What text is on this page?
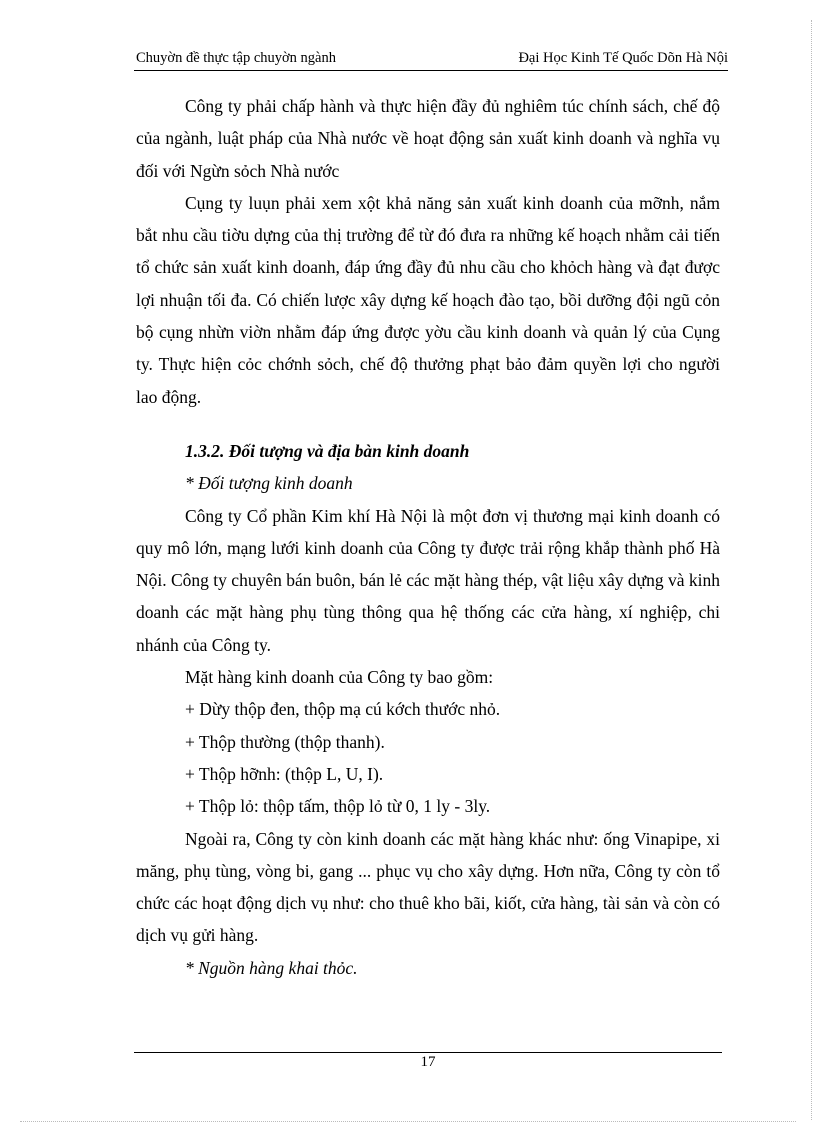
Chuyờn đề thực tập chuyờn ngành	Đại Học Kinh Tế Quốc Dõn Hà Nội

Công ty phải chấp hành và thực hiện đầy đủ nghiêm túc chính sách, chế độ của ngành, luật pháp của Nhà nước về hoạt động sản xuất kinh doanh và nghĩa vụ đối với Ngừn sỏch Nhà nước

Cụng ty luụn phải xem xột khả năng sản xuất kinh doanh của mỡnh, nắm bắt nhu cầu tiờu dựng của thị trường để từ đó đưa ra những kế hoạch nhằm cải tiến tổ chức sản xuất kinh doanh, đáp ứng đầy đủ nhu cầu cho khỏch hàng và đạt được lợi nhuận tối đa. Có chiến lược xây dựng kế hoạch đào tạo, bồi dưỡng đội ngũ cỏn bộ cụng nhừn viờn nhằm đáp ứng được yờu cầu kinh doanh và quản lý của Cụng ty. Thực hiện cỏc chớnh sỏch, chế độ thưởng phạt bảo đảm quyền lợi cho người lao động.

1.3.2. Đối tượng và địa bàn kinh doanh

* Đối tượng kinh doanh

Công ty Cổ phần Kim khí Hà Nội là một đơn vị thương mại kinh doanh có quy mô lớn, mạng lưới kinh doanh của Công ty được trải rộng khắp thành phố Hà Nội. Công ty chuyên bán buôn, bán lẻ các mặt hàng thép, vật liệu xây dựng và kinh doanh các mặt hàng phụ tùng thông qua hệ thống các cửa hàng, xí nghiệp, chi nhánh của Công ty.

Mặt hàng kinh doanh của Công ty bao gồm:

+ Dừy thộp đen, thộp mạ cú kớch thước nhỏ.

+ Thộp thường (thộp thanh).

+ Thộp hỡnh: (thộp L, U, I).

+ Thộp lỏ: thộp tấm, thộp lỏ từ 0, 1 ly - 3ly.

Ngoài ra, Công ty còn kinh doanh các mặt hàng khác như: ống Vinapipe, xi măng, phụ tùng, vòng bi, gang ... phục vụ cho xây dựng. Hơn nữa, Công ty còn tổ chức các hoạt động dịch vụ như: cho thuê kho bãi, kiốt, cửa hàng, tài sản và còn có dịch vụ gửi hàng.

* Nguồn hàng khai thỏc.

17
